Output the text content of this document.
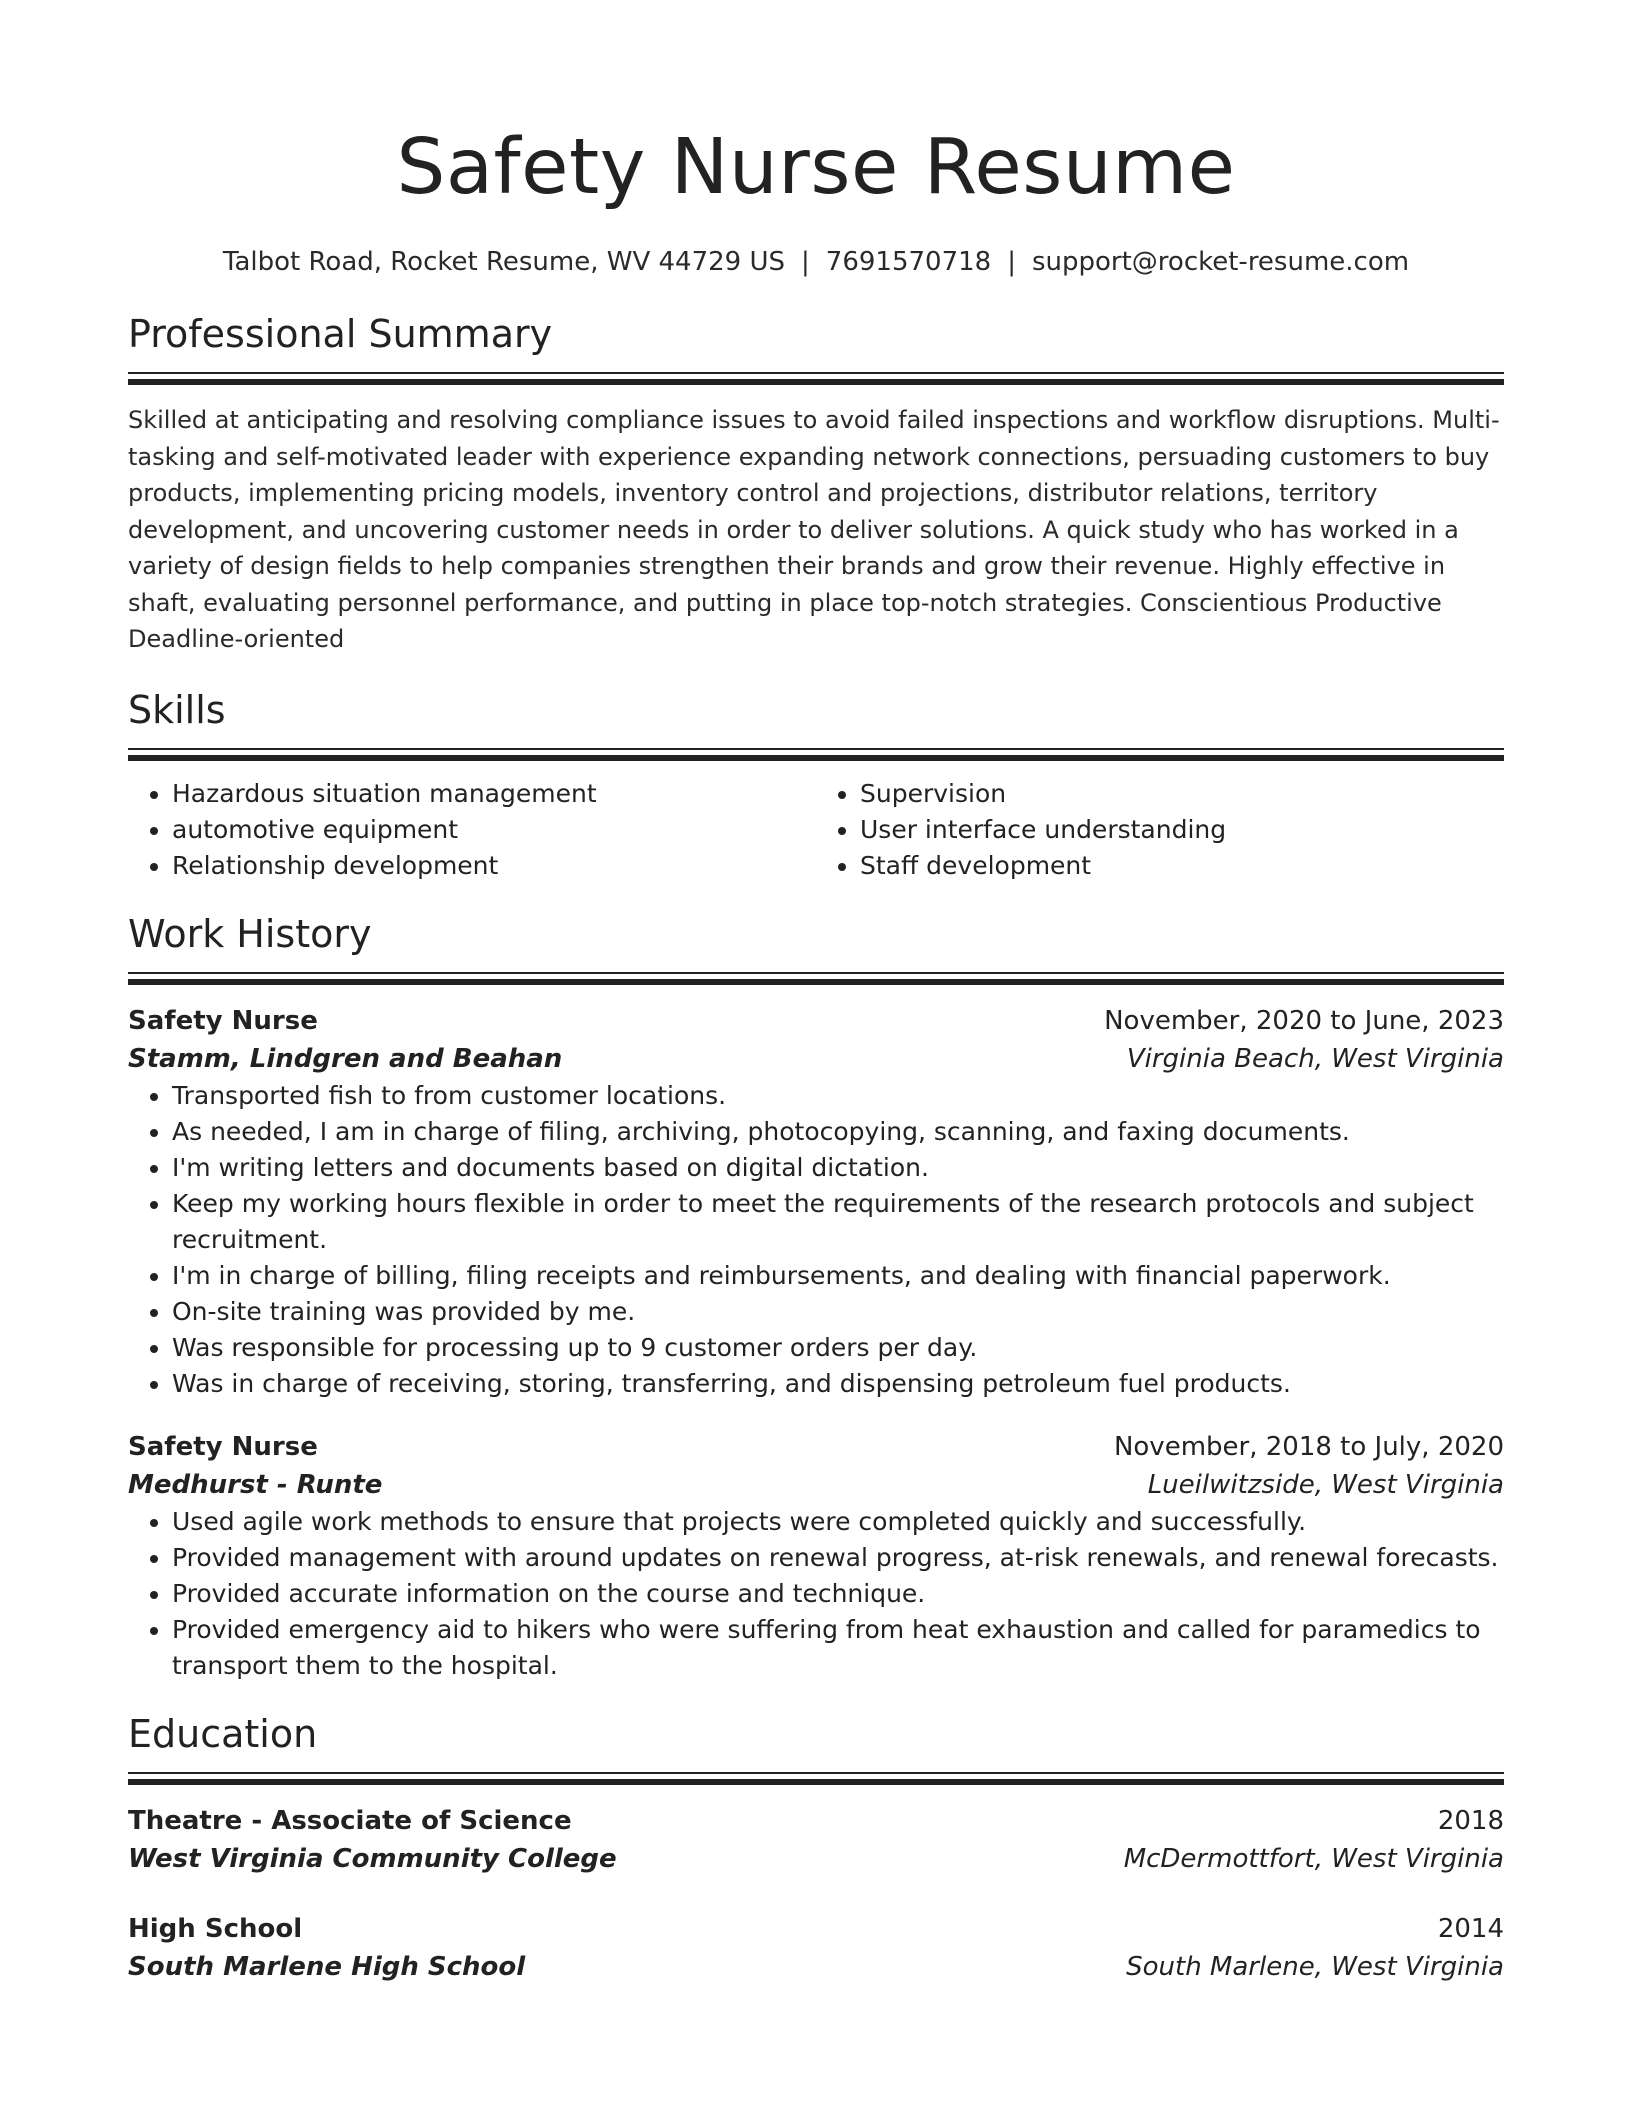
Safety Nurse Resume
Talbot Road, Rocket Resume, WV 44729 US | 7691570718 | support@rocket-resume.com
Professional Summary
Skilled at anticipating and resolving compliance issues to avoid failed inspections and workflow disruptions. Multi-tasking and self-motivated leader with experience expanding network connections, persuading customers to buy products, implementing pricing models, inventory control and projections, distributor relations, territory development, and uncovering customer needs in order to deliver solutions. A quick study who has worked in a variety of design fields to help companies strengthen their brands and grow their revenue. Highly effective in shaft, evaluating personnel performance, and putting in place top-notch strategies. Conscientious Productive Deadline-oriented
Skills
• Hazardous situation management
• automotive equipment
• Relationship development
• Supervision
• User interface understanding
• Staff development
Work History
Safety Nurse	November, 2020 to June, 2023
Stamm, Lindgren and Beahan	Virginia Beach, West Virginia
• Transported fish to from customer locations.
• As needed, I am in charge of filing, archiving, photocopying, scanning, and faxing documents.
• I'm writing letters and documents based on digital dictation.
• Keep my working hours flexible in order to meet the requirements of the research protocols and subject recruitment.
• I'm in charge of billing, filing receipts and reimbursements, and dealing with financial paperwork.
• On-site training was provided by me.
• Was responsible for processing up to 9 customer orders per day.
• Was in charge of receiving, storing, transferring, and dispensing petroleum fuel products.
Safety Nurse	November, 2018 to July, 2020
Medhurst - Runte	Lueilwitzside, West Virginia
• Used agile work methods to ensure that projects were completed quickly and successfully.
• Provided management with around updates on renewal progress, at-risk renewals, and renewal forecasts.
• Provided accurate information on the course and technique.
• Provided emergency aid to hikers who were suffering from heat exhaustion and called for paramedics to transport them to the hospital.
Education
Theatre - Associate of Science	2018
West Virginia Community College	McDermottfort, West Virginia
High School	2014
South Marlene High School	South Marlene, West Virginia
